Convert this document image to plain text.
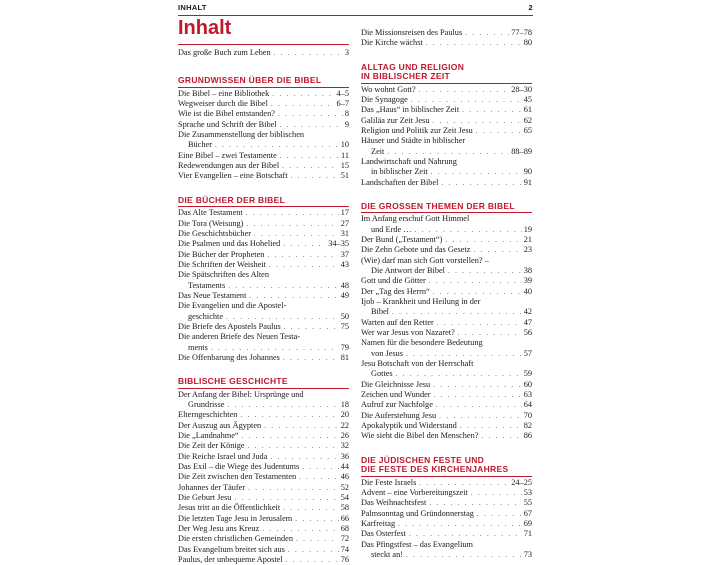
INHALT	2
Inhalt
Das große Buch zum Leben . . .	3
GRUNDWISSEN ÜBER DIE BIBEL
Die Bibel – eine Bibliothek . . .	4–5
Wegweiser durch die Bibel . . .	6–7
Wie ist die Bibel entstanden? . . .	8
Sprache und Schrift der Bibel . . .	9
Die Zusammenstellung der biblischen
Bücher . . .	10
Eine Bibel – zwei Testamente . . .	11
Redewendungen aus der Bibel . . .	15
Vier Evangelien – eine Botschaft . . .	51
DIE BÜCHER DER BIBEL
Das Alte Testament . . .	17
Die Tora (Weisung) . . .	27
Die Geschichtsbücher . . .	31
Die Psalmen und das Hohelied . . .	34–35
Die Bücher der Propheten . . .	37
Die Schriften der Weisheit . . .	43
Die Spätschriften des Alten
Testaments . . .	48
Das Neue Testament . . .	49
Die Evangelien und die Apostel-
geschichte . . .	50
Die Briefe des Apostels Paulus . . .	75
Die anderen Briefe des Neuen Testa-
ments . . .	79
Die Offenbarung des Johannes . . .	81
BIBLISCHE GESCHICHTE
Der Anfang der Bibel: Ursprünge und
Grundrisse . . .	18
Elterngeschichten . . .	20
Der Auszug aus Ägypten . . .	22
Die „Landnahme“ . . .	26
Die Zeit der Könige . . .	32
Die Reiche Israel und Juda . . .	36
Das Exil – die Wiege des Judentums . . .	44
Die Zeit zwischen den Testamenten . . .	46
Johannes der Täufer . . .	52
Die Geburt Jesu . . .	54
Jesus tritt an die Öffentlichkeit . . .	58
Die letzten Tage Jesu in Jerusalem . . .	66
Der Weg Jesu ans Kreuz . . .	68
Die ersten christlichen Gemeinden . . .	72
Das Evangelium breitet sich aus . . .	74
Paulus, der unbequeme Apostel . . .	76
Die Missionsreisen des Paulus . . .	77–78
Die Kirche wächst . . .	80
ALLTAG UND RELIGION
IN BIBLISCHER ZEIT
Wo wohnt Gott? . . .	28–30
Die Synagoge . . .	45
Das „Haus“ in biblischer Zeit . . .	61
Galiläa zur Zeit Jesu . . .	62
Religion und Politik zur Zeit Jesu . . .	65
Häuser und Städte in biblischer
Zeit . . .	88–89
Landwirtschaft und Nahrung
in biblischer Zeit . . .	90
Landschaften der Bibel . . .	91
DIE GROSSEN THEMEN DER BIBEL
Im Anfang erschuf Gott Himmel
und Erde … . . .	19
Der Bund („Testament“) . . .	21
Die Zehn Gebote und das Gesetz . . .	23
(Wie) darf man sich Gott vorstellen? –
Die Antwort der Bibel . . .	38
Gott und die Götter . . .	39
Der „Tag des Herrn“ . . .	40
Ijob – Krankheit und Heilung in der
Bibel . . .	42
Warten auf den Retter . . .	47
Wer war Jesus von Nazaret? . . .	56
Namen für die besondere Bedeutung
von Jesus . . .	57
Jesu Botschaft von der Herrschaft
Gottes . . .	59
Die Gleichnisse Jesu . . .	60
Zeichen und Wunder . . .	63
Aufruf zur Nachfolge . . .	64
Die Auferstehung Jesu . . .	70
Apokalyptik und Widerstand . . .	82
Wie sieht die Bibel den Menschen? . . .	86
DIE JÜDISCHEN FESTE UND
DIE FESTE DES KIRCHENJAHRES
Die Feste Israels . . .	24–25
Advent – eine Vorbereitungszeit . . .	53
Das Weihnachtsfest . . .	55
Palmsonntag und Gründonnerstag . . .	67
Karfreitag . . .	69
Das Osterfest . . .	71
Das Pfingstfest – das Evangelium
steckt an! . . .	73
